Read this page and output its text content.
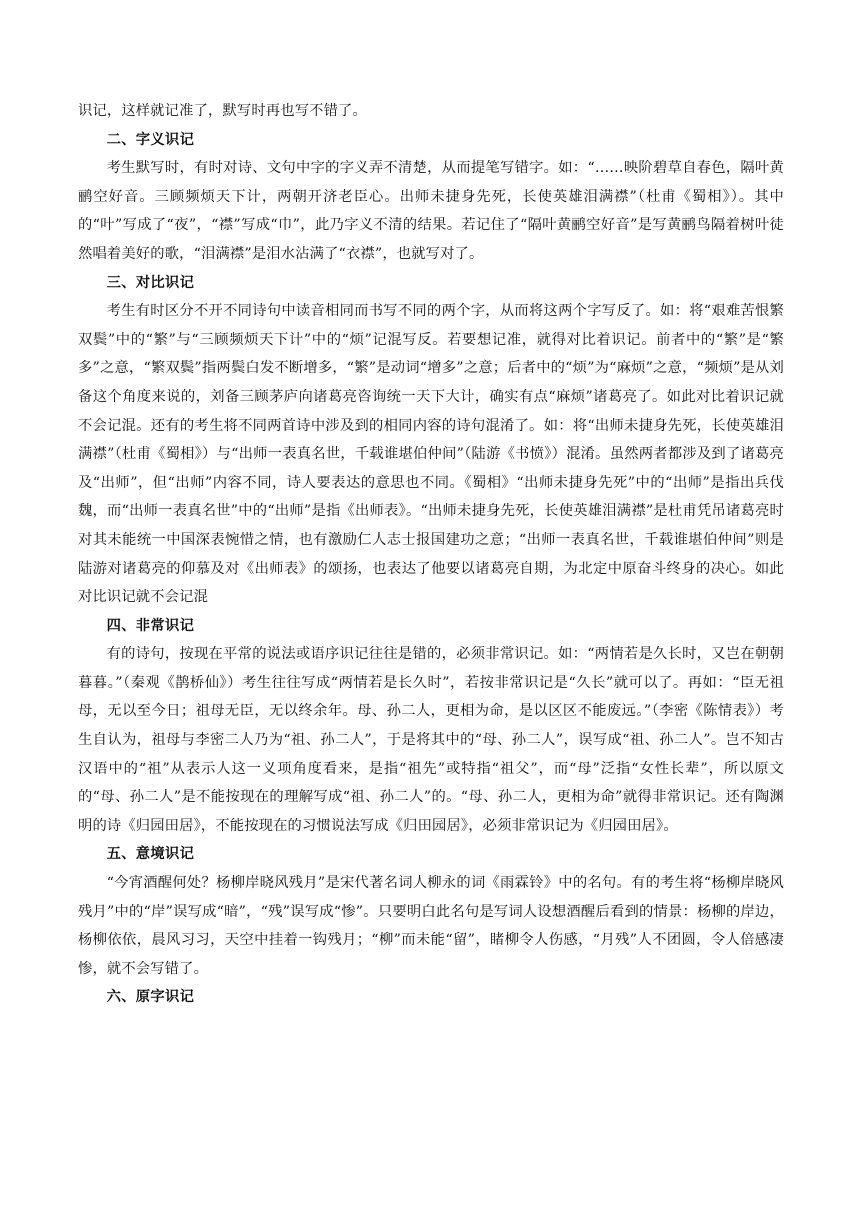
识记，这样就记准了，默写时再也写不错了。

二、字义识记

考生默写时，有时对诗、文句中字的字义弄不清楚，从而提笔写错字。如：“……映阶碧草自春色，隔叶黄鹂空好音。三顾频烦天下计，两朝开济老臣心。出师未捷身先死，长使英雄泪满襟”（杜甫《蜀相》）。其中的“叶”写成了“夜”，“襟”写成“巾”，此乃字义不清的结果。若记住了“隔叶黄鹂空好音”是写黄鹂鸟隔着树叶徒然唱着美好的歌，“泪满襟”是泪水沾满了“衣襟”，也就写对了。

三、对比识记

考生有时区分不开不同诗句中读音相同而书写不同的两个字，从而将这两个字写反了。如：将“艰难苦恨繁双鬓”中的“繁”与“三顾频烦天下计”中的“烦”记混写反。若要想记准，就得对比着识记。前者中的“繁”是“繁多”之意，“繁双鬓”指两鬓白发不断增多，“繁”是动词“增多”之意；后者中的“烦”为“麻烦”之意，“频烦”是从刘备这个角度来说的，刘备三顾茅庐向诸葛亮咨询统一天下大计，确实有点“麻烦”诸葛亮了。如此对比着识记就不会记混。还有的考生将不同两首诗中涉及到的相同内容的诗句混淆了。如：将“出师未捷身先死，长使英雄泪满襟”（杜甫《蜀相》）与“出师一表真名世，千载谁堪伯仲间”（陆游《书愤》）混淆。虽然两者都涉及到了诸葛亮及“出师”，但“出师”内容不同，诗人要表达的意思也不同。《蜀相》“出师未捷身先死”中的“出师”是指出兵伐魏，而“出师一表真名世”中的“出师”是指《出师表》。“出师未捷身先死，长使英雄泪满襟”是杜甫凭吊诸葛亮时对其未能统一中国深表惋惜之情，也有激励仁人志士报国建功之意；“出师一表真名世，千载谁堪伯仲间”则是陆游对诸葛亮的仰慕及对《出师表》的颂扬，也表达了他要以诸葛亮自期，为北定中原奋斗终身的决心。如此对比识记就不会记混

四、非常识记

有的诗句，按现在平常的说法或语序识记往往是错的，必须非常识记。如：“两情若是久长时，又岂在朝朝暮暮。”（秦观《鹊桥仙》）考生往往写成“两情若是长久时”，若按非常识记是“久长”就可以了。再如：“臣无祖母，无以至今日；祖母无臣，无以终余年。母、孙二人，更相为命，是以区区不能废远。”（李密《陈情表》）考生自认为，祖母与李密二人乃为“祖、孙二人”，于是将其中的“母、孙二人”，误写成“祖、孙二人”。岂不知古汉语中的“祖”从表示人这一义项角度看来，是指“祖先”或特指“祖父”，而“母”泛指“女性长辈”，所以原文的“母、孙二人”是不能按现在的理解写成“祖、孙二人”的。“母、孙二人，更相为命”就得非常识记。还有陶渊明的诗《归园田居》，不能按现在的习惯说法写成《归田园居》，必须非常识记为《归园田居》。

五、意境识记

“今宵酒醒何处？杨柳岸晓风残月”是宋代著名词人柳永的词《雨霖铃》中的名句。有的考生将“杨柳岸晓风残月”中的“岸”误写成“暗”，“残”误写成“惨”。只要明白此名句是写词人设想酒醒后看到的情景：杨柳的岸边，杨柳依依，晨风习习，天空中挂着一钩残月；“柳”而未能“留”，睹柳令人伤感，“月残”人不团圆，令人倍感凄惨，就不会写错了。

六、原字识记
